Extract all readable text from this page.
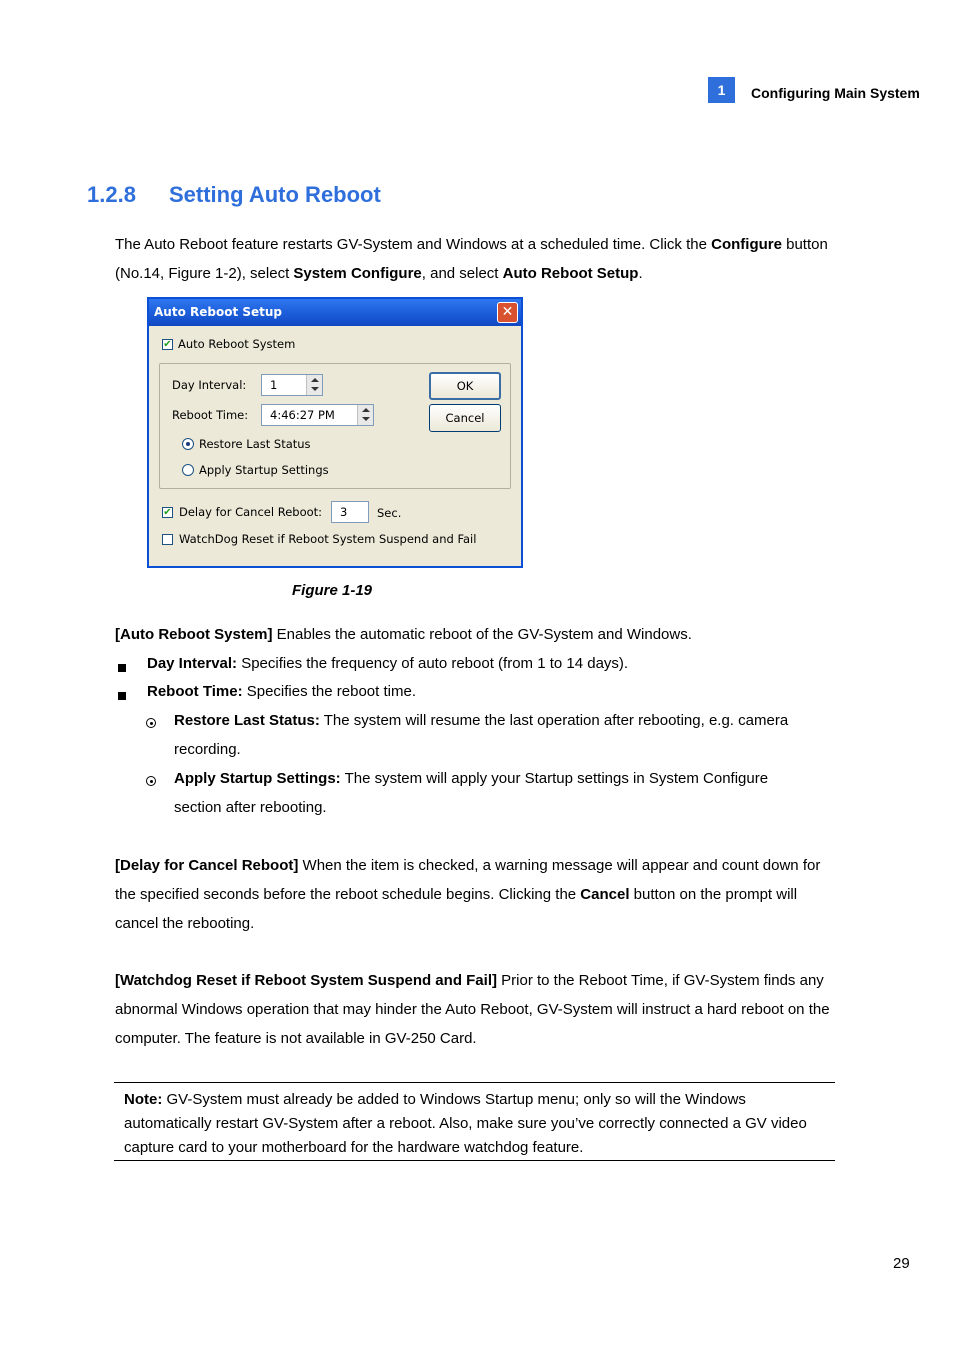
1	Configuring Main System
1.2.8 Setting Auto Reboot

The Auto Reboot feature restarts GV-System and Windows at a scheduled time. Click the Configure button (No.14, Figure 1-2), select System Configure, and select Auto Reboot Setup.

Auto Reboot Setup	✕
✔ Auto Reboot System
Day Interval:	1
Reboot Time:	4:46:27 PM
Restore Last Status
Apply Startup Settings
OK
Cancel
✔ Delay for Cancel Reboot:	3	Sec.
WatchDog Reset if Reboot System Suspend and Fail
Figure 1-19
[Auto Reboot System] Enables the automatic reboot of the GV-System and Windows.
Day Interval: Specifies the frequency of auto reboot (from 1 to 14 days).
Reboot Time: Specifies the reboot time.
Restore Last Status: The system will resume the last operation after rebooting, e.g. camera
recording.
Apply Startup Settings: The system will apply your Startup settings in System Configure
section after rebooting.

[Delay for Cancel Reboot] When the item is checked, a warning message will appear and count down for the specified seconds before the reboot schedule begins. Clicking the Cancel button on the prompt will cancel the rebooting.

[Watchdog Reset if Reboot System Suspend and Fail] Prior to the Reboot Time, if GV-System finds any abnormal Windows operation that may hinder the Auto Reboot, GV-System will instruct a hard reboot on the computer. The feature is not available in GV-250 Card.

Note: GV-System must already be added to Windows Startup menu; only so will the Windows automatically restart GV-System after a reboot. Also, make sure you’ve correctly connected a GV video capture card to your motherboard for the hardware watchdog feature.
29
